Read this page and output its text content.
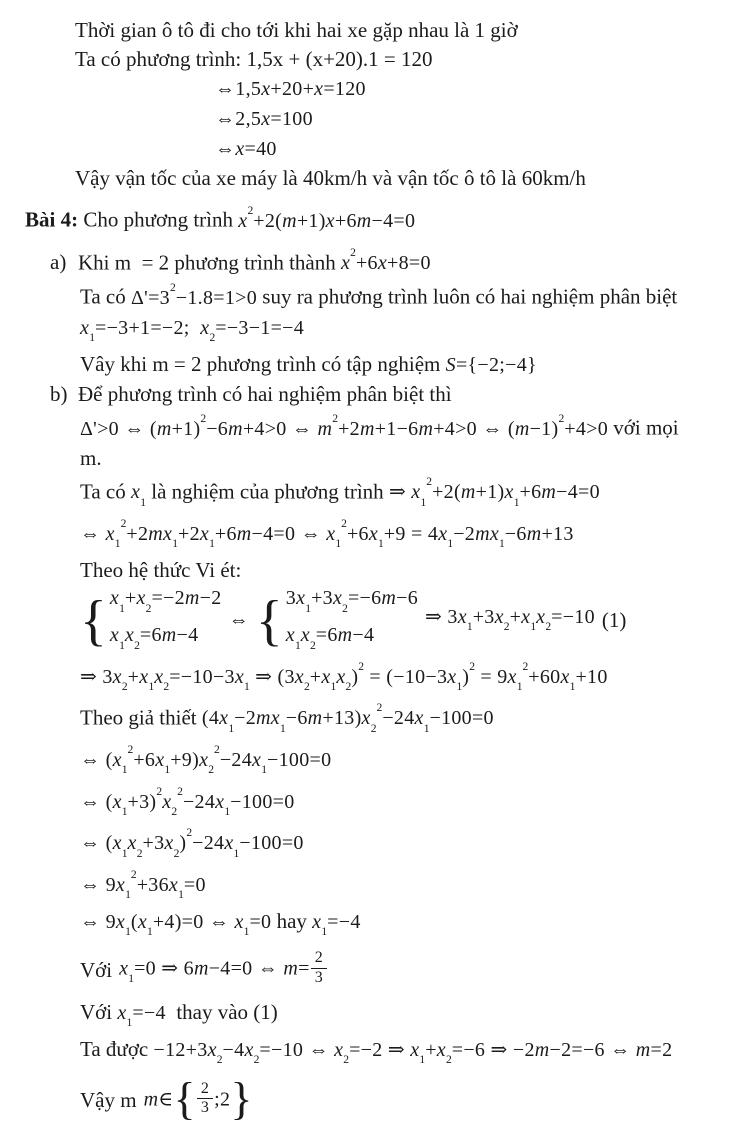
Thời gian ô tô đi cho tới khi hai xe gặp nhau là 1 giờ
Ta có phương trình: 1,5x + (x+20).1 = 120
⇔1,5x+20+x=120
⇔2,5x=100
⇔x=40
Vậy vận tốc của xe máy là 40km/h và vận tốc ô tô là 60km/h
Bài 4: Cho phương trình $x^2+2(m+1)x+6m-4=0$
a) Khi m  = 2 phương trình thành $x^2+6x+8=0$
Ta có $\Delta'=3^2-1.8=1>0$ suy ra phương trình luôn có hai nghiệm phân biệt
$x_1=-3+1=-2$;  $x_2=-3-1=-4$
Vây khi m = 2 phương trình có tập nghiệm S={−2;−4}
b) Để phương trình có hai nghiệm phân biệt thì
Δ'>0 ⇔ $(m+1)^2-6m+4>0$ ⇔ $m^2+2m+1-6m+4>0$ ⇔ $(m-1)^2+4>0$ với mọi
m.
Ta có $x_1$ là nghiệm của phương trình ⇒ $x_1^2+2(m+1)x_1+6m-4=0$
⇔ $x_1^2+2mx_1+2x_1+6m-4=0$ ⇔ $x_1^2+6x_1+9 = 4x_1-2mx_1-6m+13$
Theo hệ thức Vi ét:
{ $x_1+x_2=-2m-2$
$x_1x_2=6m-4$
⇔ { $3x_1+3x_2=-6m-6$
$x_1x_2=6m-4$
⇒ $3x_1+3x_2+x_1x_2=-10$ (1)
⇒ $3x_2+x_1x_2=-10-3x_1$ ⇒ $(3x_2+x_1x_2)^2 = (-10-3x_1)^2 = 9x_1^2+60x_1+10$
Theo giả thiết $(4x_1-2mx_1-6m+13)x_2^2-24x_1-100=0$
⇔ $(x_1^2+6x_1+9)x_2^2-24x_1-100=0$
⇔ $(x_1+3)^2x_2^2-24x_1-100=0$
⇔ $(x_1x_2+3x_2)^2-24x_1-100=0$
⇔ $9x_1^2+36x_1=0$
⇔ $9x_1(x_1+4)=0$ ⇔ $x_1=0$ hay $x_1=-4$
Với $x_1=0$ ⇒ 6m−4=0 ⇔ $m= \frac{2}{3}$
Với $x_1=-4$  thay vào (1)
Ta được $-12+3x_2-4x_2=-10$ ⇔ $x_2=-2$ ⇒ $x_1+x_2=-6$ ⇒ −2m−2=−6 ⇔ m=2
Vậy m m∈{ $\frac{2}{3}$ ;2}
